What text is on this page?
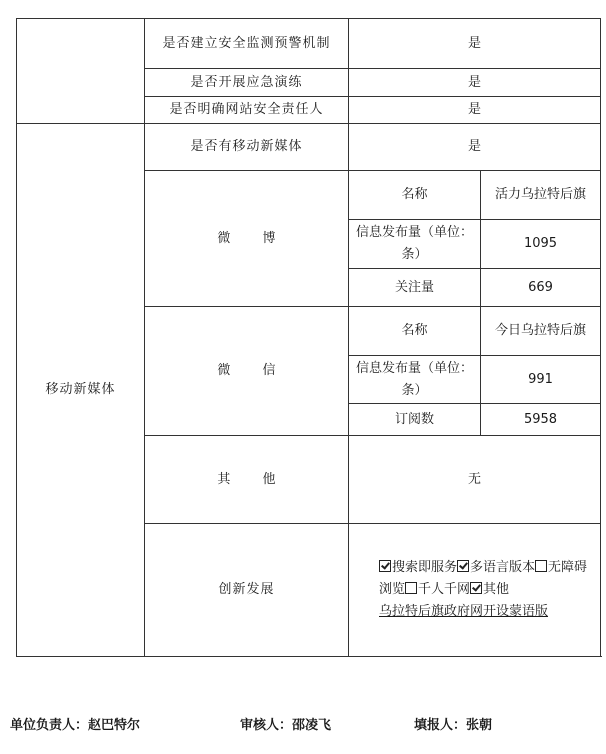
	是否建立安全监测预警机制	是	
	是否开展应急演练	是	
	是否明确网站安全责任人	是	
移动新媒体	是否有移动新媒体	是	
	微 博	名称	活力乌拉特后旗
		信息发布量（单位：条）	1095
		关注量	669
	微 信	名称	今日乌拉特后旗
		信息发布量（单位：条）	991
		订阅数	5958
	其 他	无	
	创新发展	搜索即服务 多语言版本 无障碍浏览 千人千网 其他
乌拉特后旗政府网开设蒙语版	
单位负责人：赵巴特尔	审核人：邵凌飞	填报人：张朝
